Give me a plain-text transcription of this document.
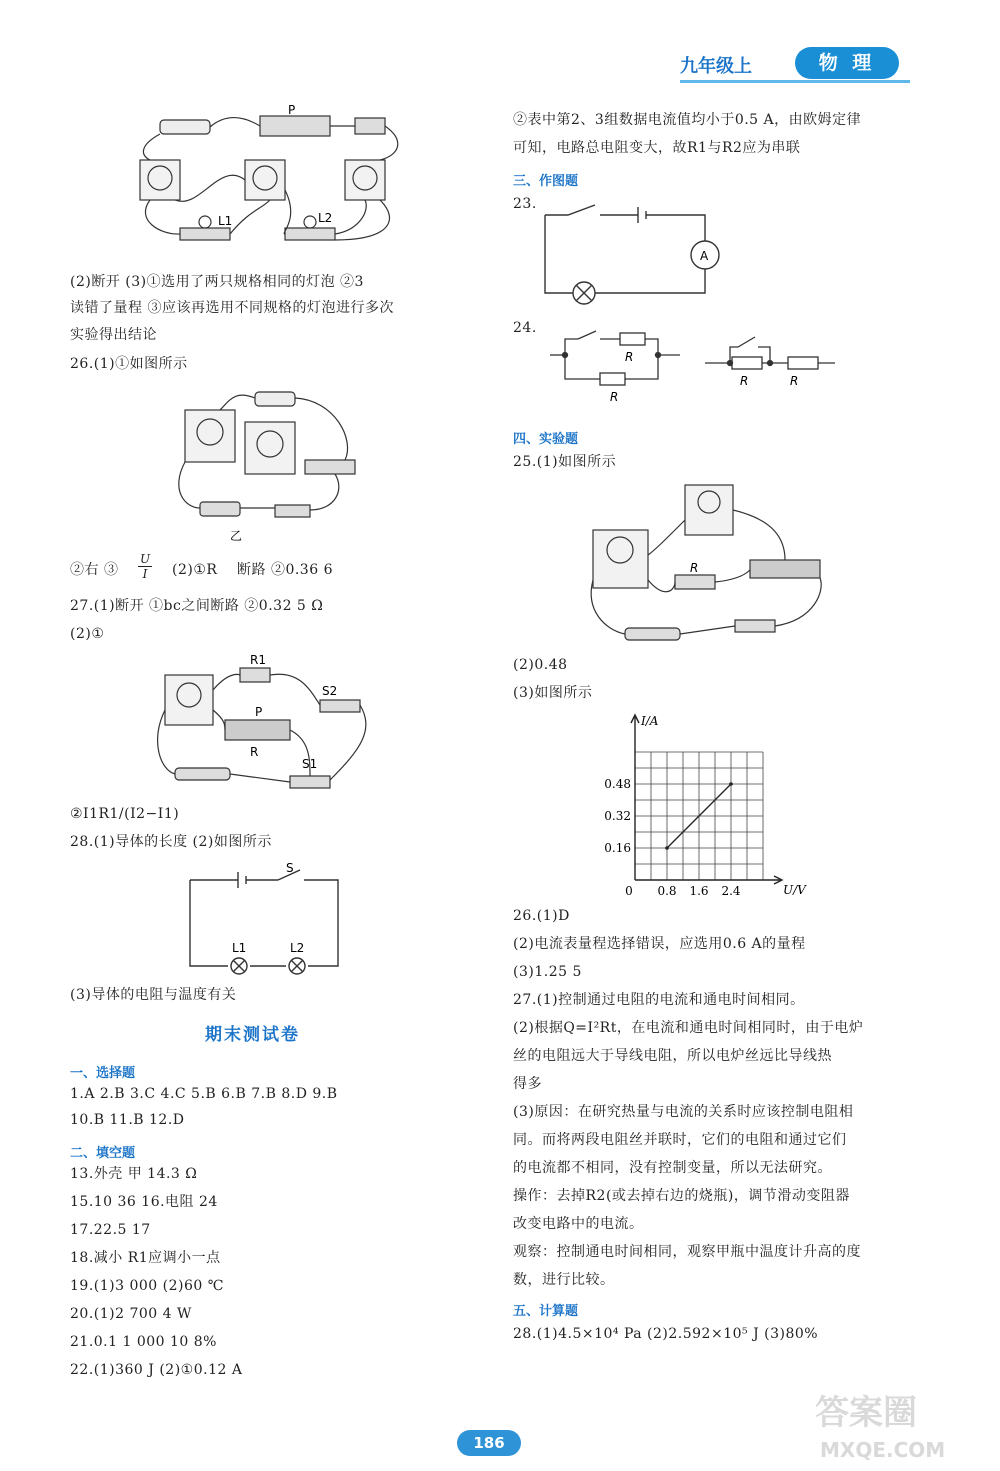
九年级上	物 理
P
L1	L2
(2)断开 (3)①选用了两只规格相同的灯泡 ②3
读错了量程 ③应该再选用不同规格的灯泡进行多次
实验得出结论
26.(1)①如图所示
乙
②右 ③ $\frac{U}{I}$ (2)①R 断路 ②0.36 6
27.(1)断开 ①bc之间断路 ②0.32 5 Ω
(2)①
R1
S2
P
R
S1
②I1R1/(I2−I1)
28.(1)导体的长度 (2)如图所示
S
L1	L2
(3)导体的电阻与温度有关
期末测试卷
一、选择题
1.A 2.B 3.C 4.C 5.B 6.B 7.B 8.D 9.B
10.B 11.B 12.D
二、填空题
13.外壳 甲 14.3 Ω
15.10 36 16.电阻 24
17.22.5 17
18.减小 R1应调小一点
19.(1)3 000 (2)60 ℃
20.(1)2 700 4 W
21.0.1 1 000 10 8%
22.(1)360 J (2)①0.12 A
②表中第2、3组数据电流值均小于0.5 A，由欧姆定律
可知，电路总电阻变大，故R1与R2应为串联
三、作图题
23.
A
24.
R
R
R	R
四、实验题
25.(1)如图所示
R
(2)0.48
(3)如图所示
0 0.8 1.6 2.4
0.16
0.32
0.48
I/A
U/V
26.(1)D
(2)电流表量程选择错误，应选用0.6 A的量程
(3)1.25 5
27.(1)控制通过电阻的电流和通电时间相同。
(2)根据Q=I²Rt，在电流和通电时间相同时，由于电炉
丝的电阻远大于导线电阻，所以电炉丝远比导线热
得多
(3)原因：在研究热量与电流的关系时应该控制电阻相
同。而将两段电阻丝并联时，它们的电阻和通过它们
的电流都不相同，没有控制变量，所以无法研究。
操作：去掉R2(或去掉右边的烧瓶)，调节滑动变阻器
改变电路中的电流。
观察：控制通电时间相同，观察甲瓶中温度计升高的度
数，进行比较。
五、计算题
28.(1)4.5×10⁴ Pa (2)2.592×10⁵ J (3)80%
186
答案圈
MXQE.COM
